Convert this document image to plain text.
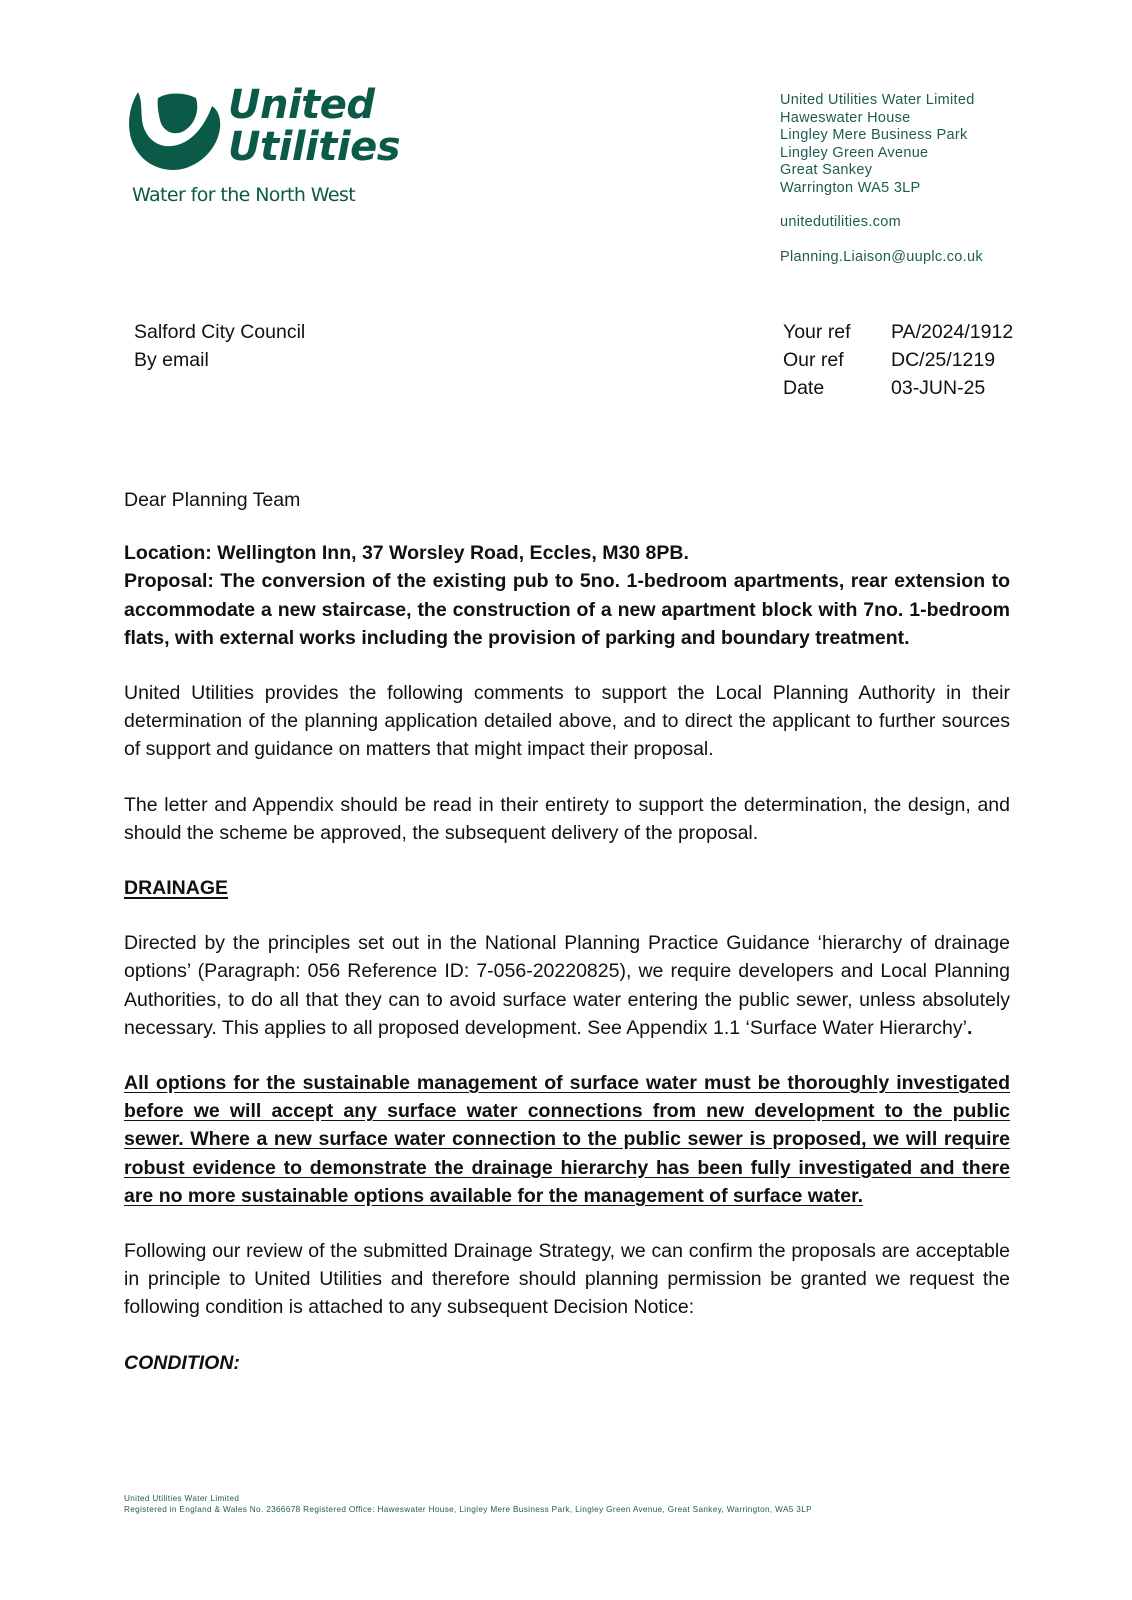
United
Utilities
Water for the North West
United Utilities Water Limited
Haweswater House
Lingley Mere Business Park
Lingley Green Avenue
Great Sankey
Warrington WA5 3LP
unitedutilities.com
Planning.Liaison@uuplc.co.uk
Salford City Council
By email
Your ref	PA/2024/1912
Our ref	DC/25/1219
Date	03-JUN-25

Dear Planning Team

Location: Wellington Inn, 37 Worsley Road, Eccles, M30 8PB.

Proposal: The conversion of the existing pub to 5no. 1-bedroom apartments, rear extension to accommodate a new staircase, the construction of a new apartment block with 7no. 1-bedroom flats, with external works including the provision of parking and boundary treatment.

United Utilities provides the following comments to support the Local Planning Authority in their determination of the planning application detailed above, and to direct the applicant to further sources of support and guidance on matters that might impact their proposal.

The letter and Appendix should be read in their entirety to support the determination, the design, and should the scheme be approved, the subsequent delivery of the proposal.

DRAINAGE

Directed by the principles set out in the National Planning Practice Guidance ‘hierarchy of drainage options’ (Paragraph: 056 Reference ID: 7-056-20220825), we require developers and Local Planning Authorities, to do all that they can to avoid surface water entering the public sewer, unless absolutely necessary. This applies to all proposed development. See Appendix 1.1 ‘Surface Water Hierarchy’.

All options for the sustainable management of surface water must be thoroughly investigated before we will accept any surface water connections from new development to the public sewer. Where a new surface water connection to the public sewer is proposed, we will require robust evidence to demonstrate the drainage hierarchy has been fully investigated and there are no more sustainable options available for the management of surface water.

Following our review of the submitted Drainage Strategy, we can confirm the proposals are acceptable in principle to United Utilities and therefore should planning permission be granted we request the following condition is attached to any subsequent Decision Notice:

CONDITION:

United Utilities Water Limited
Registered in England & Wales No. 2366678 Registered Office: Haweswater House, Lingley Mere Business Park, Lingley Green Avenue, Great Sankey, Warrington, WA5 3LP
